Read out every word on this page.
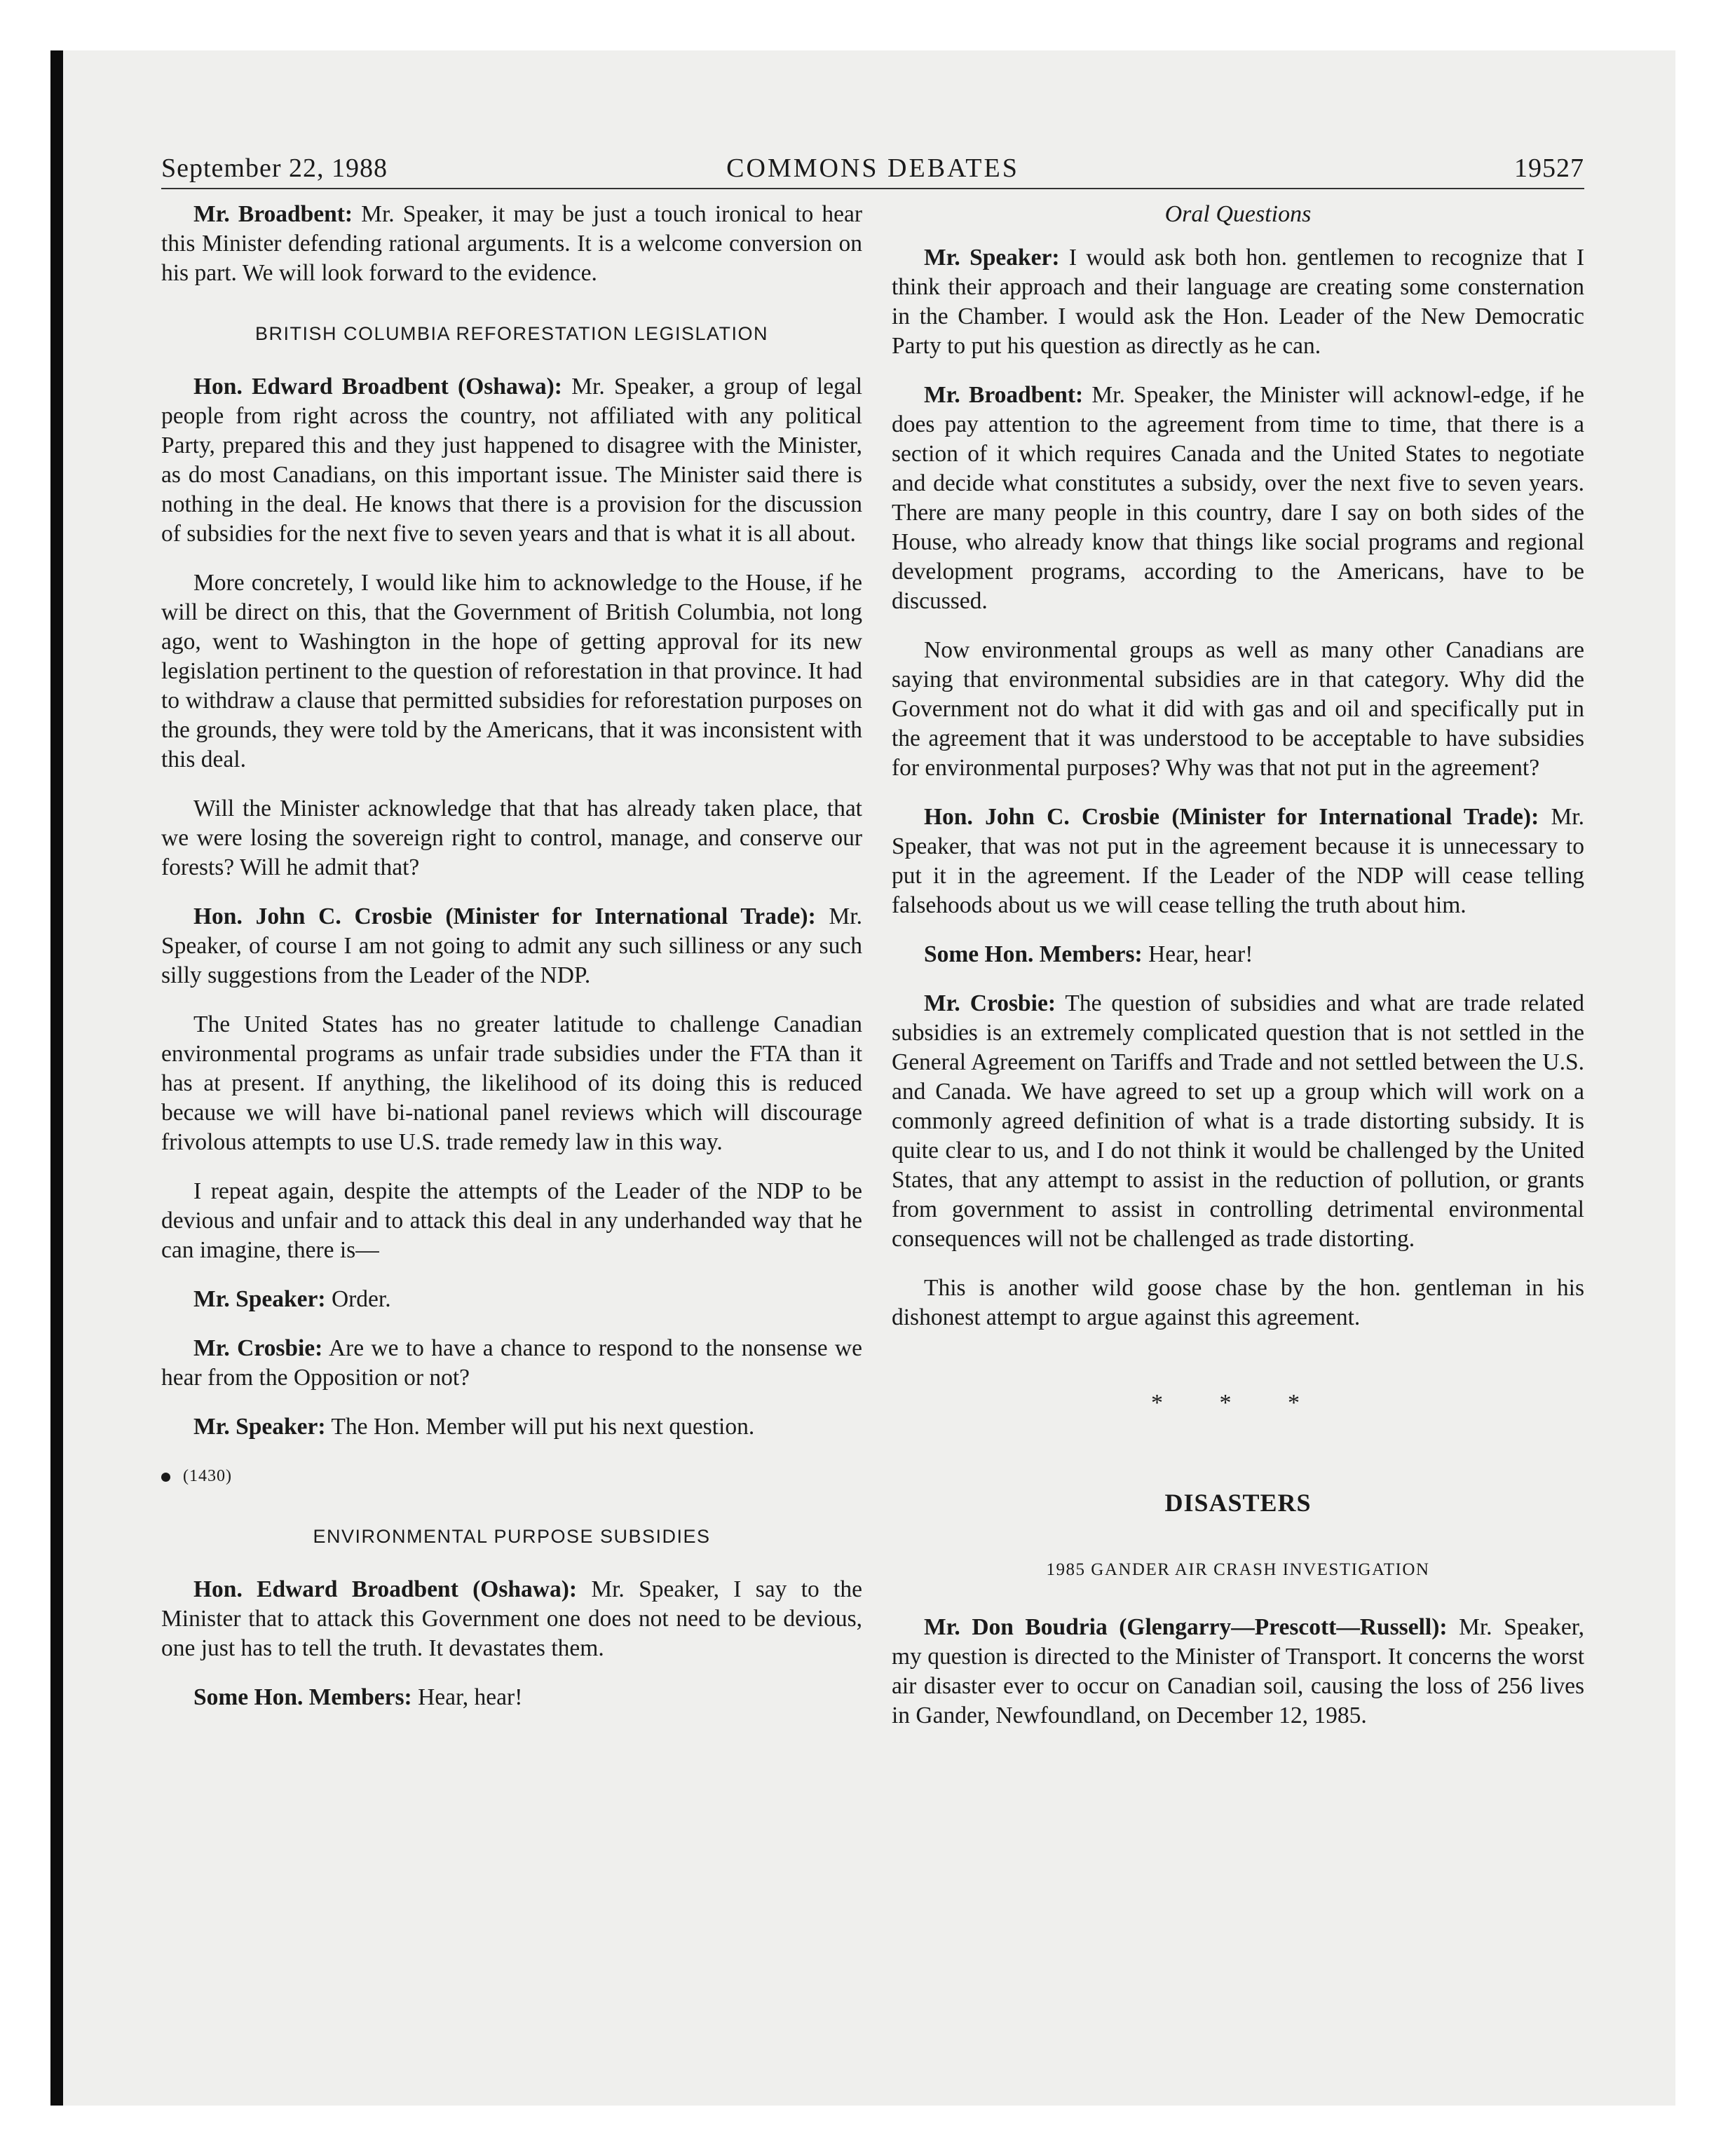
September 22, 1988	COMMONS DEBATES	19527

Mr. Broadbent: Mr. Speaker, it may be just a touch ironical to hear this Minister defending rational arguments. It is a welcome conversion on his part. We will look forward to the evidence.

BRITISH COLUMBIA REFORESTATION LEGISLATION

Hon. Edward Broadbent (Oshawa): Mr. Speaker, a group of legal people from right across the country, not affiliated with any political Party, prepared this and they just happened to disagree with the Minister, as do most Canadians, on this important issue. The Minister said there is nothing in the deal. He knows that there is a provision for the discussion of subsidies for the next five to seven years and that is what it is all about.

More concretely, I would like him to acknowledge to the House, if he will be direct on this, that the Government of British Columbia, not long ago, went to Washington in the hope of getting approval for its new legislation pertinent to the question of reforestation in that province. It had to withdraw a clause that permitted subsidies for reforestation purposes on the grounds, they were told by the Americans, that it was inconsistent with this deal.

Will the Minister acknowledge that that has already taken place, that we were losing the sovereign right to control, manage, and conserve our forests? Will he admit that?

Hon. John C. Crosbie (Minister for International Trade): Mr. Speaker, of course I am not going to admit any such silliness or any such silly suggestions from the Leader of the NDP.

The United States has no greater latitude to challenge Canadian environmental programs as unfair trade subsidies under the FTA than it has at present. If anything, the likelihood of its doing this is reduced because we will have bi-national panel reviews which will discourage frivolous attempts to use U.S. trade remedy law in this way.

I repeat again, despite the attempts of the Leader of the NDP to be devious and unfair and to attack this deal in any underhanded way that he can imagine, there is—

Mr. Speaker: Order.

Mr. Crosbie: Are we to have a chance to respond to the nonsense we hear from the Opposition or not?

Mr. Speaker: The Hon. Member will put his next question.

(1430)
ENVIRONMENTAL PURPOSE SUBSIDIES

Hon. Edward Broadbent (Oshawa): Mr. Speaker, I say to the Minister that to attack this Government one does not need to be devious, one just has to tell the truth. It devastates them.

Some Hon. Members: Hear, hear!

Oral Questions

Mr. Speaker: I would ask both hon. gentlemen to recognize that I think their approach and their language are creating some consternation in the Chamber. I would ask the Hon. Leader of the New Democratic Party to put his question as directly as he can.

Mr. Broadbent: Mr. Speaker, the Minister will acknowl-edge, if he does pay attention to the agreement from time to time, that there is a section of it which requires Canada and the United States to negotiate and decide what constitutes a subsidy, over the next five to seven years. There are many people in this country, dare I say on both sides of the House, who already know that things like social programs and regional development programs, according to the Americans, have to be discussed.

Now environmental groups as well as many other Canadians are saying that environmental subsidies are in that category. Why did the Government not do what it did with gas and oil and specifically put in the agreement that it was understood to be acceptable to have subsidies for environmental purposes? Why was that not put in the agreement?

Hon. John C. Crosbie (Minister for International Trade): Mr. Speaker, that was not put in the agreement because it is unnecessary to put it in the agreement. If the Leader of the NDP will cease telling falsehoods about us we will cease telling the truth about him.

Some Hon. Members: Hear, hear!

Mr. Crosbie: The question of subsidies and what are trade related subsidies is an extremely complicated question that is not settled in the General Agreement on Tariffs and Trade and not settled between the U.S. and Canada. We have agreed to set up a group which will work on a commonly agreed definition of what is a trade distorting subsidy. It is quite clear to us, and I do not think it would be challenged by the United States, that any attempt to assist in the reduction of pollution, or grants from government to assist in controlling detrimental environmental consequences will not be challenged as trade distorting.

This is another wild goose chase by the hon. gentleman in his dishonest attempt to argue against this agreement.

* * *
DISASTERS
1985 GANDER AIR CRASH INVESTIGATION

Mr. Don Boudria (Glengarry—Prescott—Russell): Mr. Speaker, my question is directed to the Minister of Transport. It concerns the worst air disaster ever to occur on Canadian soil, causing the loss of 256 lives in Gander, Newfoundland, on December 12, 1985.
